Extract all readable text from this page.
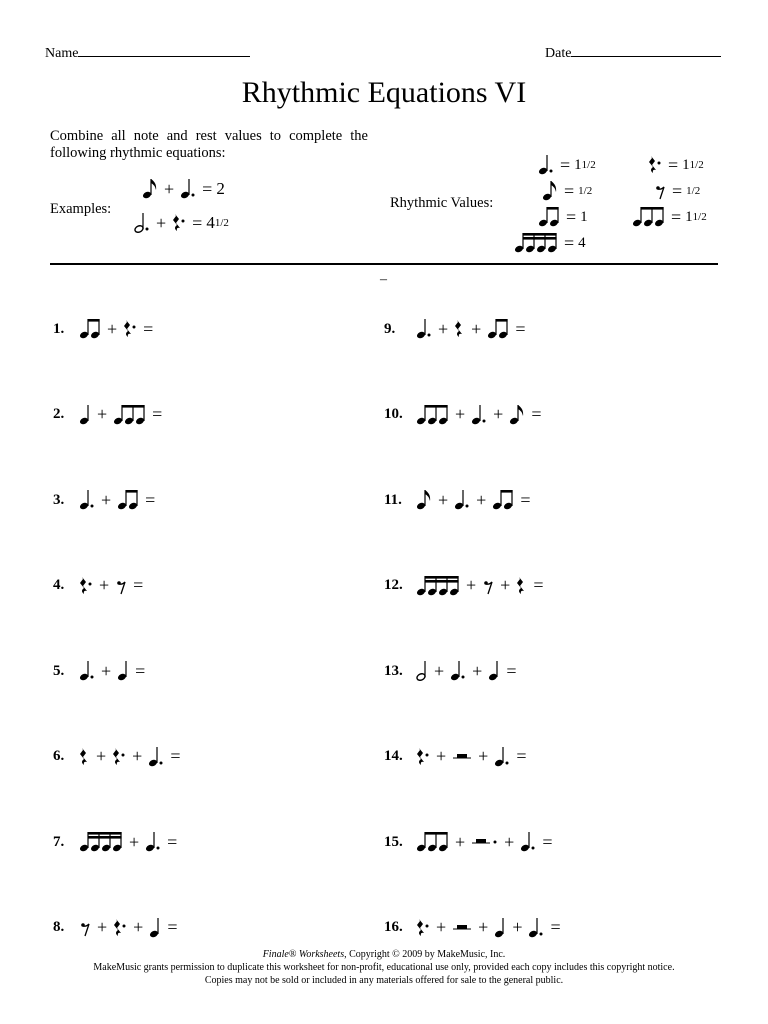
Name	Date
Rhythmic Equations VI
Combine all note and rest values to complete the following rhythmic equations:
Examples:
+ = 2
+ = 4 1/2
Rhythmic Values:
= 1 1/2	= 1 1/2
= 1/2	= 1/2
= 1	= 1 1/2
= 4
–
1.	+ =
2.	+	=
3.	+ =
4.	+ =
5.	+ =
6.	+ + =
7.	+ =
8.	+ + =
9.	+ + =
10.	+ + =
11.	+ + =
12.	+ + =
13.	+ + =
14.	+ + =
15.	+ + =
16.	+ + + =
Finale® Worksheets, Copyright © 2009 by MakeMusic, Inc.
MakeMusic grants permission to duplicate this worksheet for non-profit, educational use only, provided each copy includes this copyright notice.
Copies may not be sold or included in any materials offered for sale to the general public.
